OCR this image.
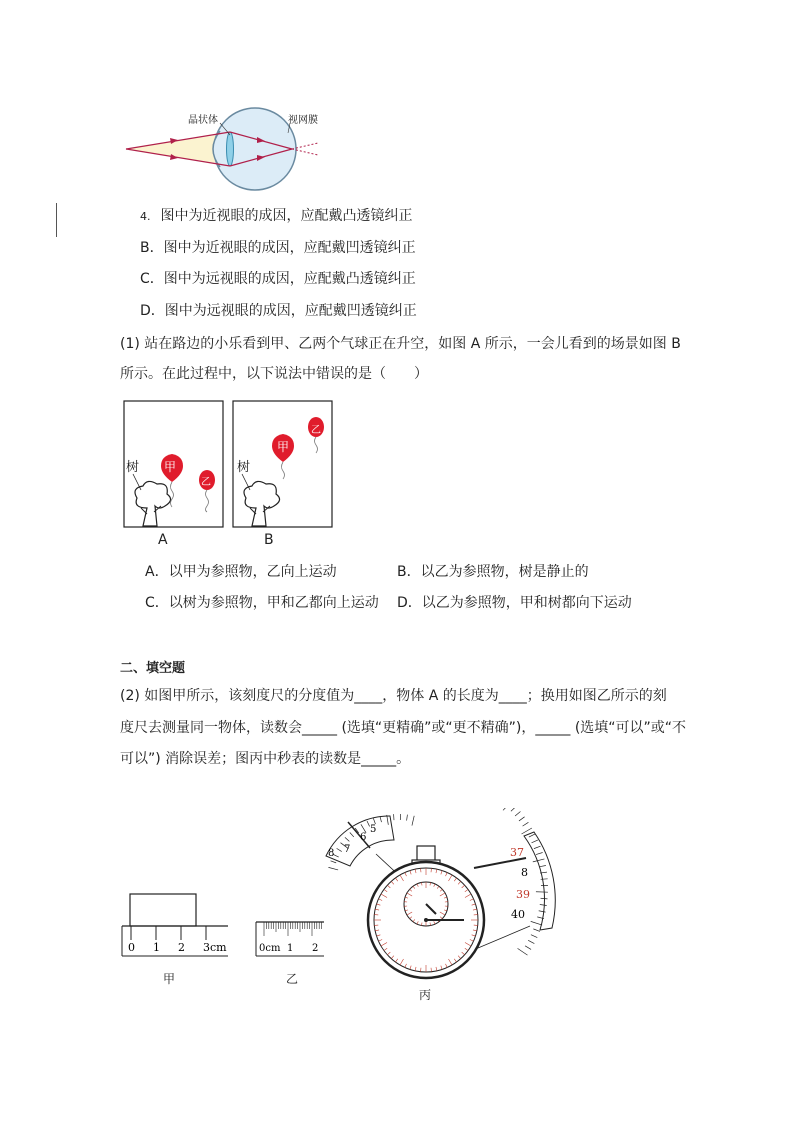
晶状体	视网膜
4. 图中为近视眼的成因，应配戴凸透镜纠正
B．图中为近视眼的成因，应配戴凹透镜纠正
C．图中为远视眼的成因，应配戴凸透镜纠正
D．图中为远视眼的成因，应配戴凹透镜纠正
(1) 站在路边的小乐看到甲、乙两个气球正在升空，如图 A 所示，一会儿看到的场景如图 B
所示。在此过程中，以下说法中错误的是（　　）
树 甲
乙
A
树
甲
乙
B
A．以甲为参照物，乙向上运动	B．以乙为参照物，树是静止的
C．以树为参照物，甲和乙都向上运动 D．以乙为参照物，甲和树都向下运动
二、填空题
(2) 如图甲所示，该刻度尺的分度值为____，物体 A 的长度为____；换用如图乙所示的刻
度尺去测量同一物体，读数会_____ (选填“更精确”或“更不精确”)，_____ (选填“可以”或“不
可以”) 消除误差；图丙中秒表的读数是_____。
0 1 2 3cm
甲
0cm 1 2
乙
5
6
7
8	37
8
39
40
丙
